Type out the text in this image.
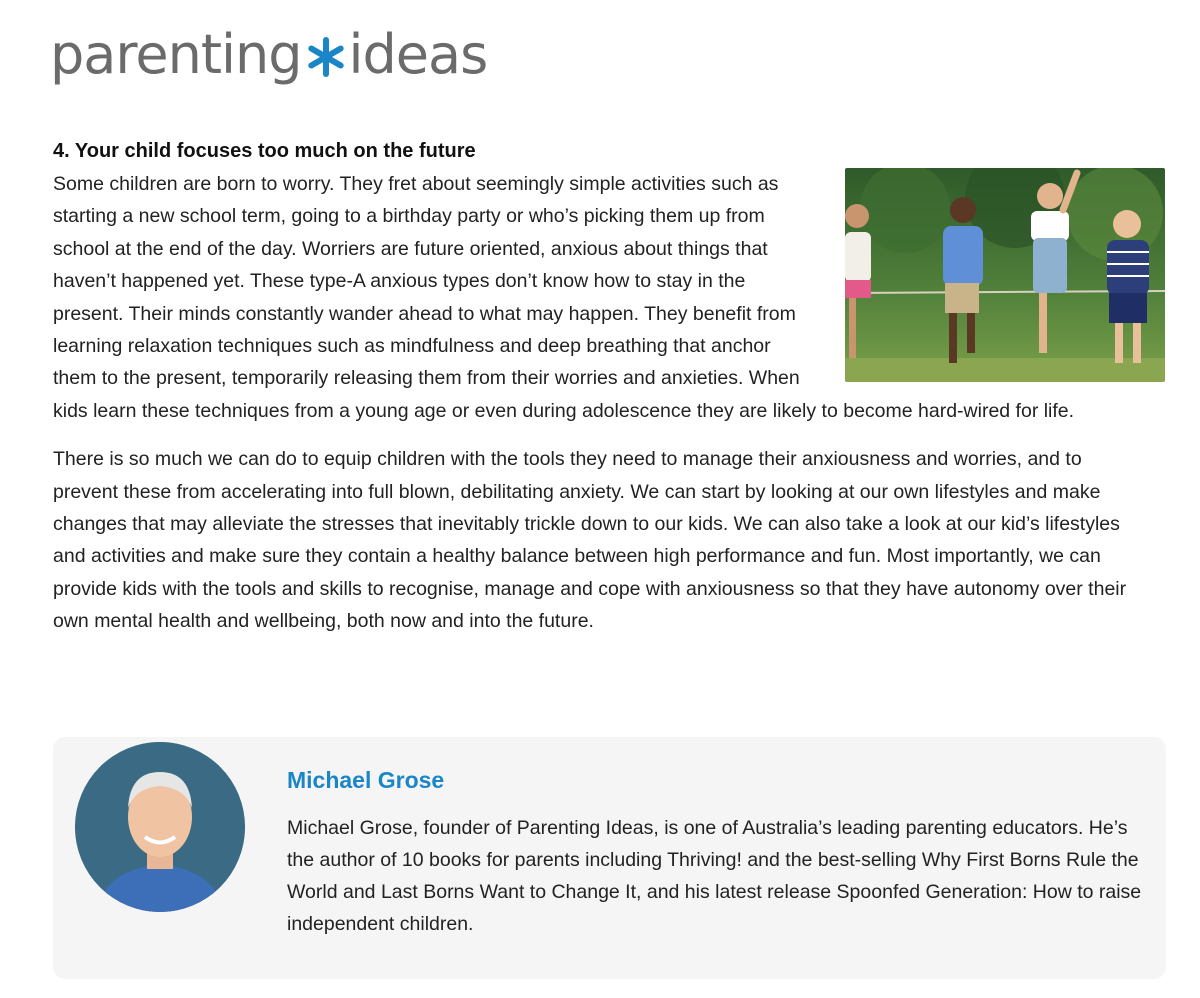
parenting ideas
4. Your child focuses too much on the future

Some children are born to worry. They fret about seemingly simple activities such as starting a new school term, going to a birthday party or who’s picking them up from school at the end of the day. Worriers are future oriented, anxious about things that haven’t happened yet. These type-A anxious types don’t know how to stay in the present. Their minds constantly wander ahead to what may happen. They benefit from learning relaxation techniques such as mindfulness and deep breathing that anchor them to the present, temporarily releasing them from their worries and anxieties. When kids learn these techniques from a young age or even during adolescence they are likely to become hard-wired for life.

There is so much we can do to equip children with the tools they need to manage their anxiousness and worries, and to prevent these from accelerating into full blown, debilitating anxiety. We can start by looking at our own lifestyles and make changes that may alleviate the stresses that inevitably trickle down to our kids. We can also take a look at our kid’s lifestyles and activities and make sure they contain a healthy balance between high performance and fun. Most importantly, we can provide kids with the tools and skills to recognise, manage and cope with anxiousness so that they have autonomy over their own mental health and wellbeing, both now and into the future.

Michael Grose

Michael Grose, founder of Parenting Ideas, is one of Australia’s leading parenting educators. He’s the author of 10 books for parents including Thriving! and the best-selling Why First Borns Rule the World and Last Borns Want to Change It, and his latest release Spoonfed Generation: How to raise independent children.
